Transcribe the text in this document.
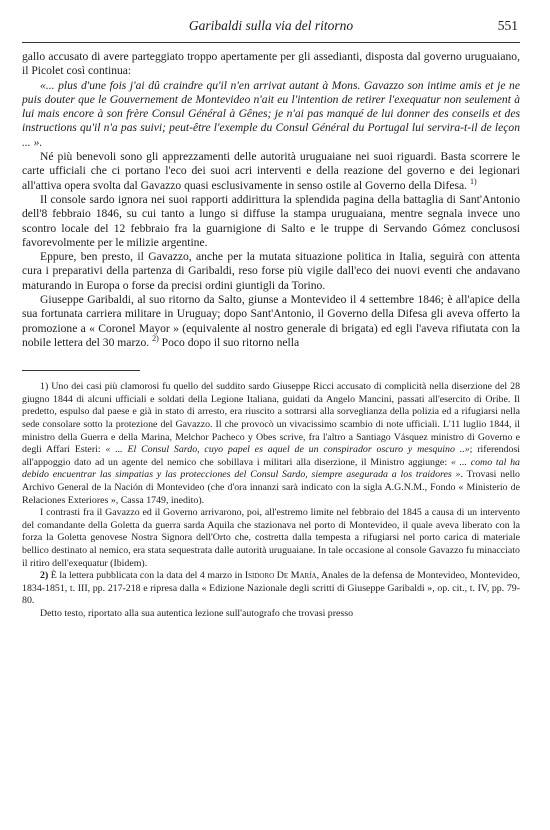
Garibaldi sulla via del ritorno	551

gallo accusato di avere parteggiato troppo apertamente per gli assedianti, disposta dal governo uruguaiano, il Picolet così continua:

«... plus d'une fois j'ai dû craindre qu'il n'en arrivat autant à Mons. Gavazzo son intime amis et je ne puis douter que le Gouvernement de Montevideo n'ait eu l'intention de retirer l'exequatur non seulement à lui mais encore à son frère Consul Général à Gênes; je n'ai pas manqué de lui donner des conseils et des instructions qu'il n'a pas suivi; peut-être l'exemple du Consul Général du Portugal lui servira-t-il de leçon ... ».

Né più benevoli sono gli apprezzamenti delle autorità uruguaiane nei suoi riguardi. Basta scorrere le carte ufficiali che ci portano l'eco dei suoi acri interventi e della reazione del governo e dei legionari all'attiva opera svolta dal Gavazzo quasi esclusivamente in senso ostile al Governo della Difesa. $^{1)}$

Il console sardo ignora nei suoi rapporti addirittura la splendida pagina della battaglia di Sant'Antonio dell'8 febbraio 1846, su cui tanto a lungo si diffuse la stampa uruguaiana, mentre segnala invece uno scontro locale del 12 febbraio fra la guarnigione di Salto e le truppe di Servando Gómez conclusosi favorevolmente per le milizie argentine.

Eppure, ben presto, il Gavazzo, anche per la mutata situazione politica in Italia, seguirà con attenta cura i preparativi della partenza di Garibaldi, reso forse più vigile dall'eco dei nuovi eventi che andavano maturando in Europa o forse da precisi ordini giuntigli da Torino.

Giuseppe Garibaldi, al suo ritorno da Salto, giunse a Montevideo il 4 settembre 1846; è all'apice della sua fortunata carriera militare in Uruguay; dopo Sant'Antonio, il Governo della Difesa gli aveva offerto la promozione a « Coronel Mayor » (equivalente al nostro generale di brigata) ed egli l'aveva rifiutata con la nobile lettera del 30 marzo. $^{2)}$ Poco dopo il suo ritorno nella

1) Uno dei casi più clamorosi fu quello del suddito sardo Giuseppe Ricci accusato di complicità nella diserzione del 28 giugno 1844 di alcuni ufficiali e soldati della Legione Italiana, guidati da Angelo Mancini, passati all'esercito di Oribe. Il predetto, espulso dal paese e già in stato di arresto, era riuscito a sottrarsi alla sorveglianza della polizia ed a rifugiarsi nella sede consolare sotto la protezione del Gavazzo. Il che provocò un vivacissimo scambio di note ufficiali. L'11 luglio 1844, il ministro della Guerra e della Marina, Melchor Pacheco y Obes scrive, fra l'altro a Santiago Vásquez ministro di Governo e degli Affari Esteri: « ... El Consul Sardo, cuyo papel es aquel de un conspirador oscuro y mesquino ..»; riferendosi all'appoggio dato ad un agente del nemico che sobillava i militari alla diserzione, il Ministro aggiunge: « ... como tal ha debido encuentrar las simpatias y las protecciones del Consul Sardo, siempre asegurada a los traidores ». Trovasi nello Archivo General de la Nación di Montevideo (che d'ora innanzi sarà indicato con la sigla A.G.N.M., Fondo « Ministerio de Relaciones Exteriores », Cassa 1749, inedito).

I contrasti fra il Gavazzo ed il Governo arrivarono, poi, all'estremo limite nel febbraio del 1845 a causa di un intervento del comandante della Goletta da guerra sarda Aquila che stazionava nel porto di Montevideo, il quale aveva liberato con la forza la Goletta genovese Nostra Signora dell'Orto che, costretta dalla tempesta a rifugiarsi nel porto carica di materiale bellico destinato al nemico, era stata sequestrata dalle autorità uruguaiane. In tale occasione al console Gavazzo fu minacciato il ritiro dell'exequatur (Ibidem).

2) È la lettera pubblicata con la data del 4 marzo in Isidoro De María, Anales de la defensa de Montevideo, Montevideo, 1834-1851, t. III, pp. 217-218 e ripresa dalla « Edizione Nazionale degli scritti di Giuseppe Garibaldi », op. cit., t. IV, pp. 79-80.

Detto testo, riportato alla sua autentica lezione sull'autografo che trovasi presso
